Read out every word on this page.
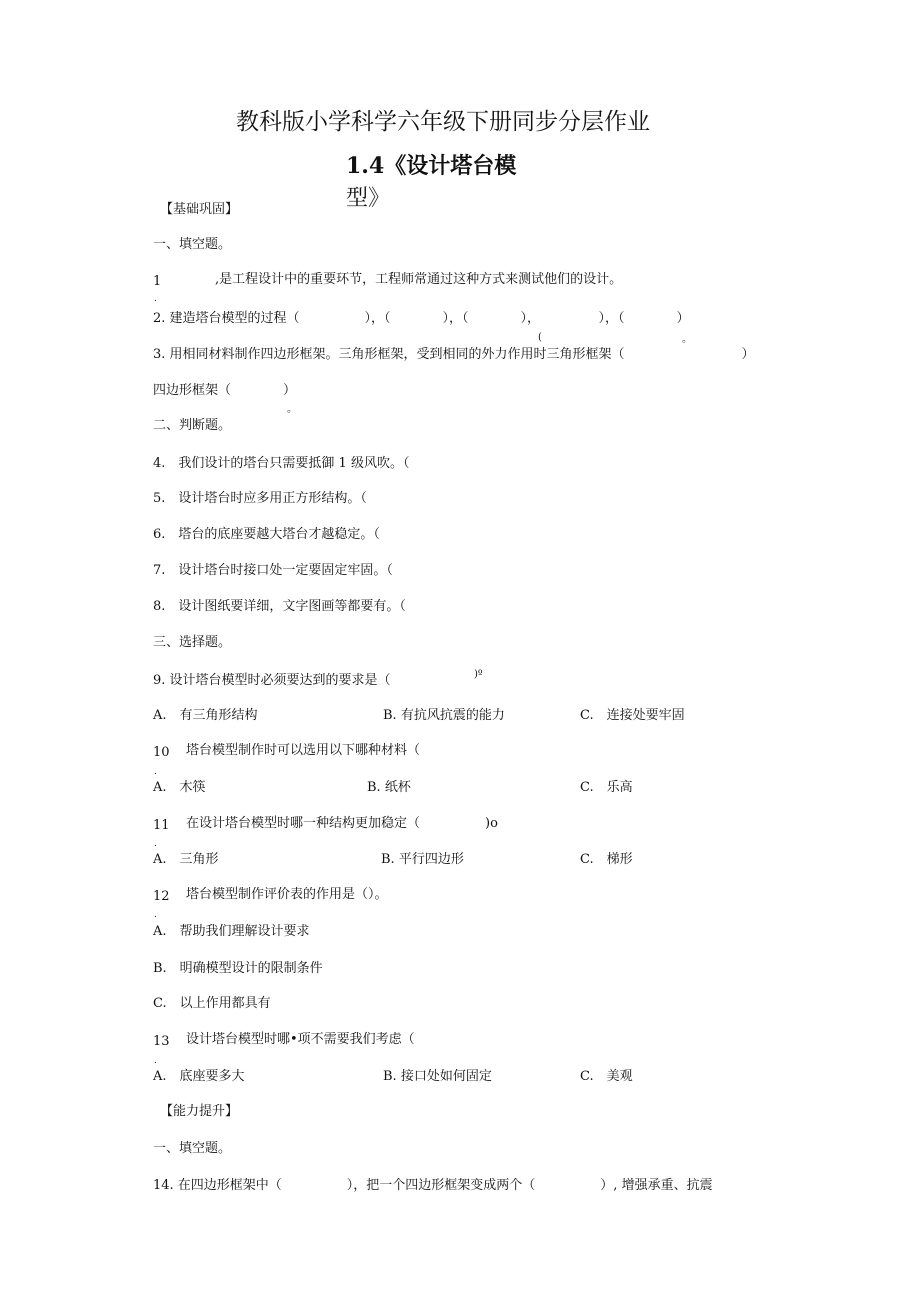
教科版小学科学六年级下册同步分层作业
1.4《设计塔台模
型》
【基础巩固】
一、填空题。
1	,是工程设计中的重要环节，工程师常通过这种方式来测试他们的设计。
.
2. 建造塔台模型的过程（　　　　　），（　　　　），（　　　　），　　　　　），（　　　　）
(	。
3. 用相同材料制作四边形框架。三角形框架，受到相同的外力作用时三角形框架（　　　　　　　　　）
四边形框架（　　　　）
。
二、判断题。
4.　我们设计的塔台只需要抵御 1 级风吹。（
5.　设计塔台时应多用正方形结构。（
6.　塔台的底座要越大塔台才越稳定。（
7.　设计塔台时接口处一定要固定牢固。（
8.　设计图纸要详细，文字图画等都要有。（
三、选择题。
9. 设计塔台模型时必须要达到的要求是（	)º
A.　有三角形结构	B. 有抗风抗震的能力	C.　连接处要牢固
10 塔台模型制作时可以选用以下哪种材料（
.
A.　木筷	B. 纸杯	C.　乐高
11 在设计塔台模型时哪一种结构更加稳定（　　　　　)o
.
A.　三角形	B. 平行四边形	C.　梯形
12 塔台模型制作评价表的作用是（）。
.
A.　帮助我们理解设计要求
B.　明确模型设计的限制条件
C.　以上作用都具有
13 设计塔台模型时哪•项不需要我们考虑（
.
A.　底座要多大	B. 接口处如何固定	C.　美观
【能力提升】
一、填空题。
14. 在四边形框架中（　　　　　），把一个四边形框架变成两个（　　　　　）, 增强承重、抗震
